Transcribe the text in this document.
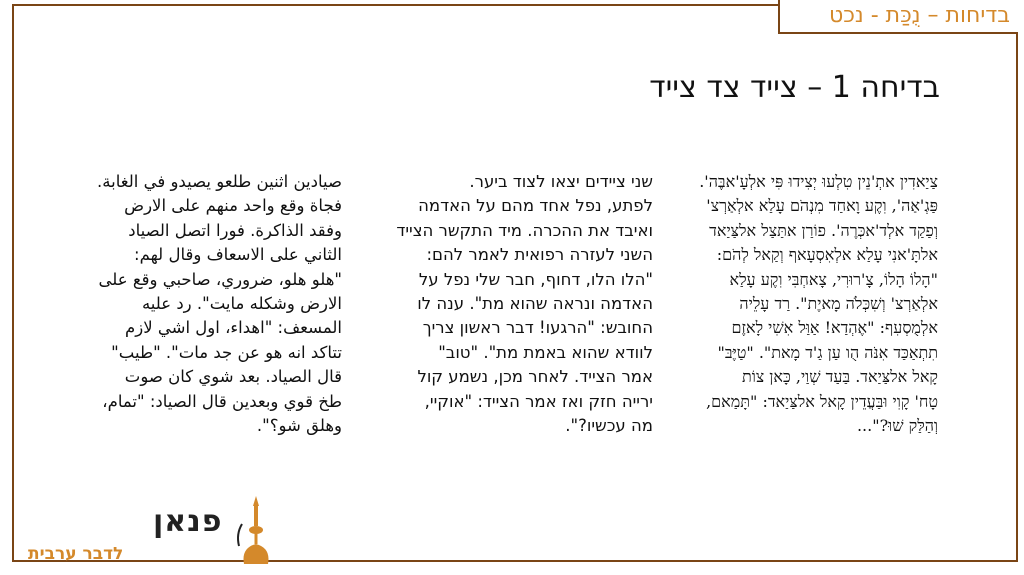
בדיחות – נֻכַּת - נכט
בדיחה 1 – צייד צד צייד

צַיַאדִין אתְ'נֵין טִלְעוּ יְצִידוּ פִּי אלְעָ'אבֶּה'.

פַּגְ'אַה', וִקֶע וָאחַד מִנְהֹם עָלַא אלְאַרְצ'

וְפַקַד אלְד'אכְּרֶה'. פוֹרַן אתַּצַל אלצַּיַאד

אלתָּ'אנִי עָלַא אלְאִסְעָאף וְקַאל לְהֹם:

"הָלוֹ הָלוֹ, צָ'רוּרִי, צָאחְבִּי וִקֶע עָלַא

אלְאַרְצ' וְשִׁכְּלֹה מָאיֶת". רַד עָלֵיה

אלְמֻסְעִף: "אֶהְדַא! אַוַּל אִשִׁי לָאזֶם

תִתְאַכַּד אִנֹּה הֻו עַן גַ'ד מָאת". "טַיֶּבּ"

קָאל אלצַּיַאד. בַּעַד שְׁוַי, כָּאן צוֹת

טָח' קָוִי וּבַּעֲדֵין קָאל אלצַּיַאד: "תָּמַאם,

וְהַלַּק שׁוּ?"...

שני ציידים יצאו לצוד ביער.

לפתע, נפל אחד מהם על האדמה

ואיבד את ההכרה. מיד התקשר הצייד

השני לעזרה רפואית לאמר להם:

"הלו הלו, דחוף, חבר שלי נפל על

האדמה ונראה שהוא מת". ענה לו

החובש: "הרגעו! דבר ראשון צריך

לוודא שהוא באמת מת". "טוב"

אמר הצייד. לאחר מכן, נשמע קול

ירייה חזק ואז אמר הצייד: "אוקיי,

מה עכשיו?".

صيادين اثنين طلعو يصيدو في الغابة.

فجاة وقع واحد منهم على الارض

وفقد الذاكرة. فورا اتصل الصياد

الثاني على الاسعاف وقال لهم:

"هلو هلو، ضروري، صاحبي وقع على

الارض وشكله مايت". رد عليه

المسعف: "اهداء، اول اشي لازم

تتاكد انه هو عن جد مات". "طيب"

قال الصياد. بعد شوي كان صوت

طخ قوي وبعدين قال الصياد: "تمام،

وهلق شو؟".

פנאן
לדבר ערבית
